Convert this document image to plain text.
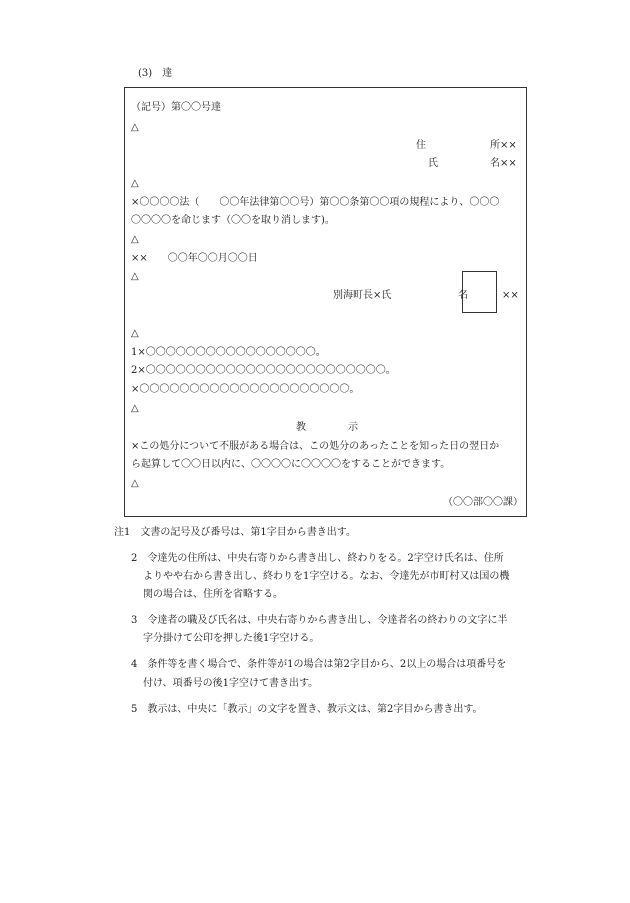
(3)　達
（記号）第〇〇号達
△
住	所××
氏	名××
△
×〇〇〇〇法（　　〇〇年法律第〇〇号）第〇〇条第〇〇項の規程により、〇〇〇
〇〇〇〇を命じます（〇〇を取り消します)。
△
××　　〇〇年〇〇月〇〇日
△
別海町長×氏	名	××
△
1×〇〇〇〇〇〇〇〇〇〇〇〇〇〇〇〇〇。
2×〇〇〇〇〇〇〇〇〇〇〇〇〇〇〇〇〇〇〇〇〇〇〇〇。
×〇〇〇〇〇〇〇〇〇〇〇〇〇〇〇〇〇〇〇〇〇。
△
教	示
×この処分について不服がある場合は、この処分のあったことを知った日の翌日か
ら起算して〇〇日以内に、〇〇〇〇に〇〇〇〇をすることができます。
△
（〇〇部〇〇課）
注1　文書の記号及び番号は、第1字目から書き出す。
2　令達先の住所は、中央右寄りから書き出し、終わりをる。2字空け氏名は、住所
よりやや右から書き出し、終わりを1字空ける。なお、令達先が市町村又は国の機
関の場合は、住所を省略する。
3　令達者の職及び氏名は、中央右寄りから書き出し、令達者名の終わりの文字に半
字分掛けて公印を押した後1字空ける。
4　条件等を書く場合で、条件等が1の場合は第2字目から、2以上の場合は項番号を
付け、項番号の後1字空けて書き出す。
5　教示は、中央に「教示」の文字を置き、教示文は、第2字目から書き出す。
